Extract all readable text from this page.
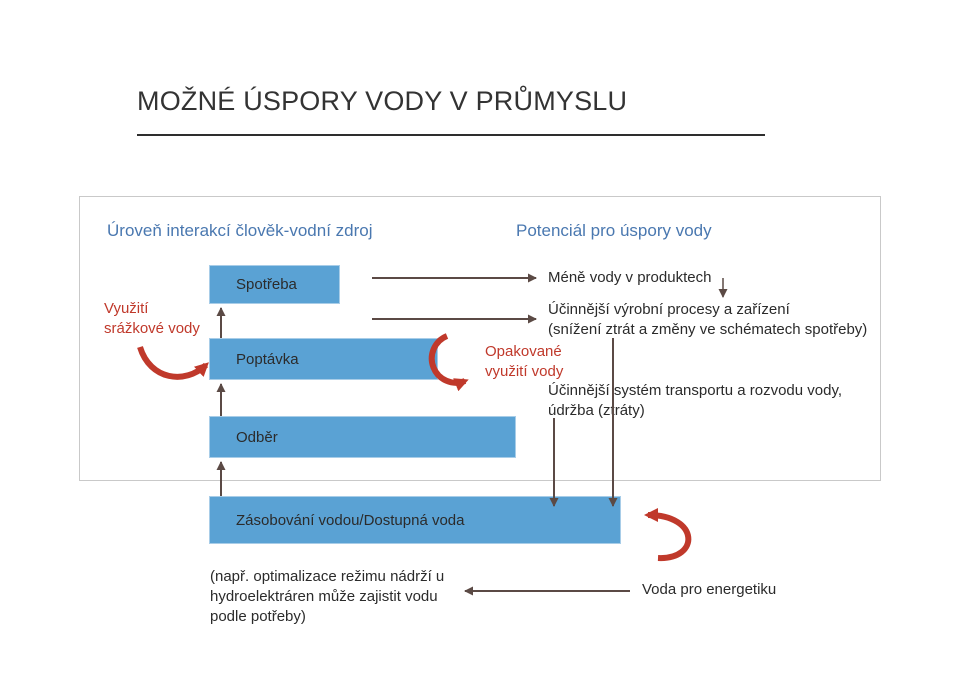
MOŽNÉ ÚSPORY VODY V PRŮMYSLU
Úroveň interakcí člověk-vodní zdroj	Potenciál pro úspory vody
Spotřeba
Poptávka
Odběr
Zásobování vodou/Dostupná voda
Využití
srážkové vody
Opakované
využití vody
Méně vody v produktech
Účinnější výrobní procesy a zařízení
(snížení ztrát a změny ve schématech spotřeby)
Účinnější systém transportu a rozvodu vody,
údržba (ztráty)
Voda pro energetiku
(např. optimalizace režimu nádrží u
hydroelektráren může zajistit vodu
podle potřeby)
